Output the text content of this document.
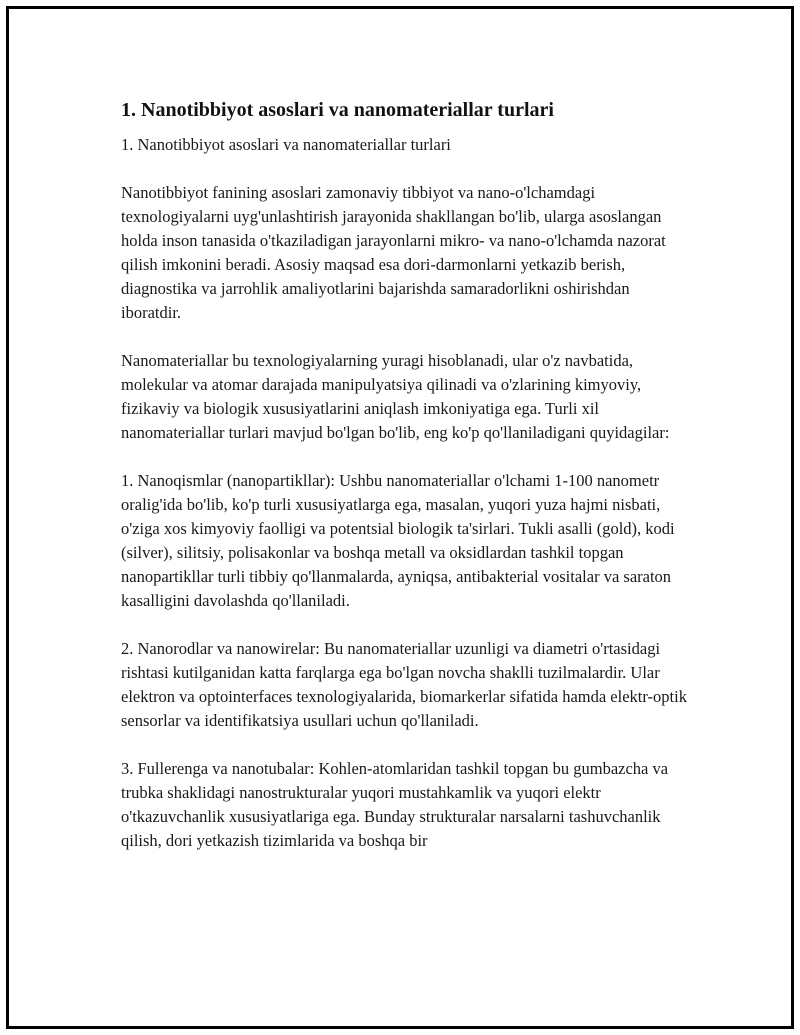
1. Nanotibbiyot asoslari va nanomateriallar turlari
1. Nanotibbiyot asoslari va nanomateriallar turlari

Nanotibbiyot fanining asoslari zamonaviy tibbiyot va nano-o'lchamdagi texnologiyalarni uyg'unlashtirish jarayonida shakllangan bo'lib, ularga asoslangan holda inson tanasida o'tkaziladigan jarayonlarni mikro- va nano-o'lchamda nazorat qilish imkonini beradi. Asosiy maqsad esa dori-darmonlarni yetkazib berish, diagnostika va jarrohlik amaliyotlarini bajarishda samaradorlikni oshirishdan iboratdir.

Nanomateriallar bu texnologiyalarning yuragi hisoblanadi, ular o'z navbatida, molekular va atomar darajada manipulyatsiya qilinadi va o'zlarining kimyoviy, fizikaviy va biologik xususiyatlarini aniqlash imkoniyatiga ega. Turli xil nanomateriallar turlari mavjud bo'lgan bo'lib, eng ko'p qo'llaniladigani quyidagilar:

1. Nanoqismlar (nanopartikllar): Ushbu nanomateriallar o'lchami 1-100 nanometr oralig'ida bo'lib, ko'p turli xususiyatlarga ega, masalan, yuqori yuza hajmi nisbati, o'ziga xos kimyoviy faolligi va potentsial biologik ta'sirlari. Tukli asalli (gold), kodi (silver), silitsiy, polisakonlar va boshqa metall va oksidlardan tashkil topgan nanopartikllar turli tibbiy qo'llanmalarda, ayniqsa, antibakterial vositalar va saraton kasalligini davolashda qo'llaniladi.

2. Nanorodlar va nanowirelar: Bu nanomateriallar uzunligi va diametri o'rtasidagi rishtasi kutilganidan katta farqlarga ega bo'lgan novcha shaklli tuzilmalardir. Ular elektron va optointerfaces texnologiyalarida, biomarkerlar sifatida hamda elektr-optik sensorlar va identifikatsiya usullari uchun qo'llaniladi.

3. Fullerenga va nanotubalar: Kohlen-atomlaridan tashkil topgan bu gumbazcha va trubka shaklidagi nanostrukturalar yuqori mustahkamlik va yuqori elektr o'tkazuvchanlik xususiyatlariga ega. Bunday strukturalar narsalarni tashuvchanlik qilish, dori yetkazish tizimlarida va boshqa bir
